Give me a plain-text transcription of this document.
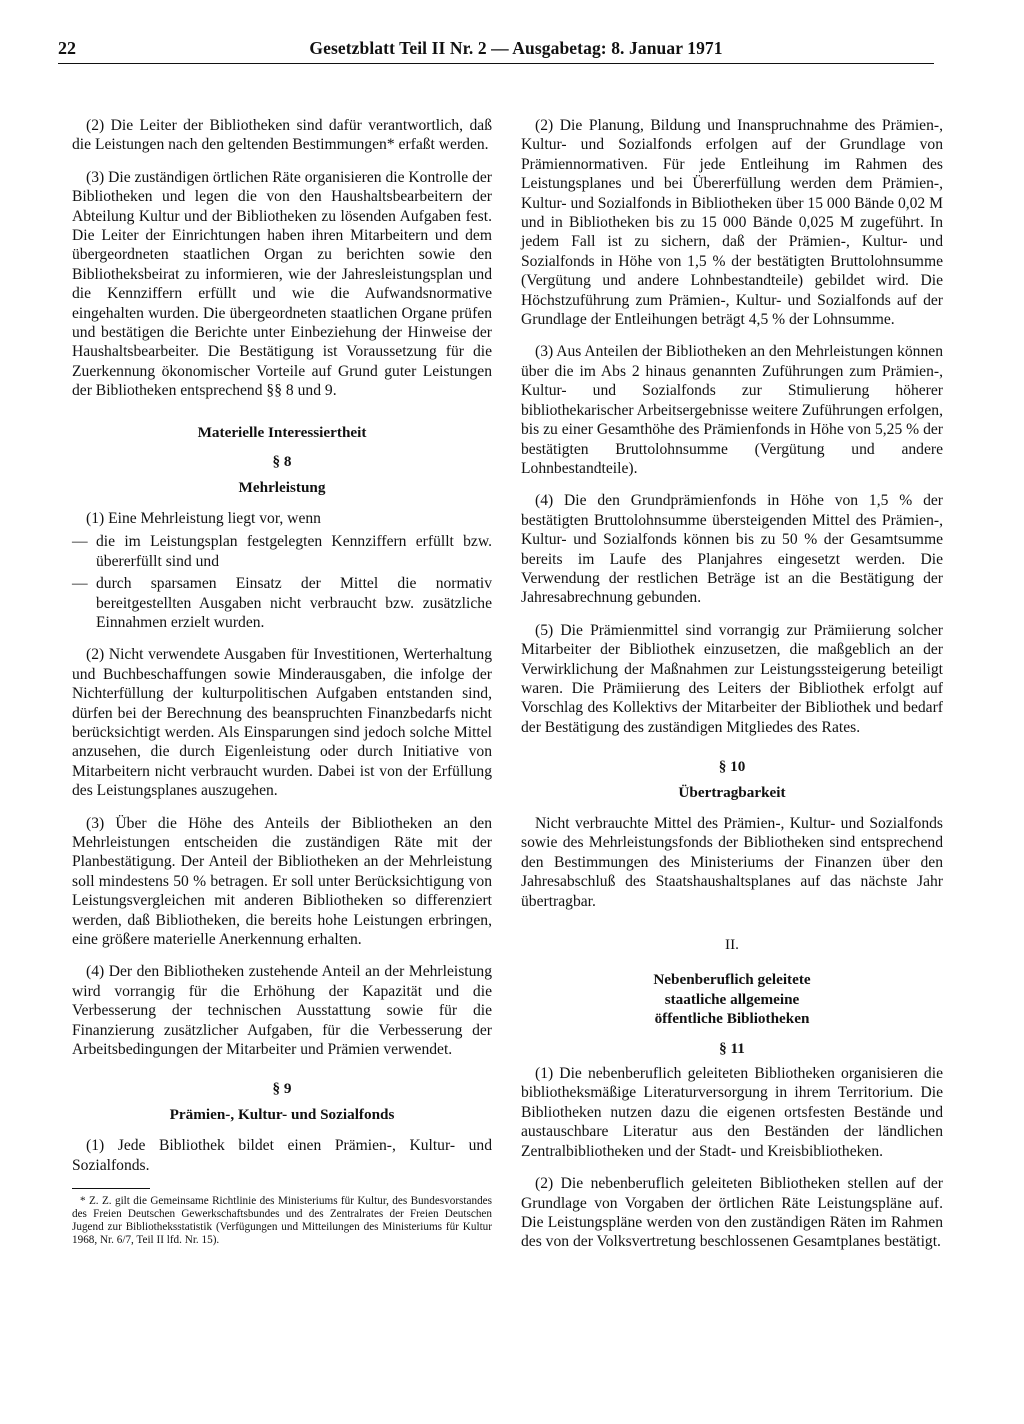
22	Gesetzblatt Teil II Nr. 2 — Ausgabetag: 8. Januar 1971

(2) Die Leiter der Bibliotheken sind dafür verantwortlich, daß die Leistungen nach den geltenden Bestimmungen* erfaßt werden.

(3) Die zuständigen örtlichen Räte organisieren die Kontrolle der Bibliotheken und legen die von den Haushaltsbearbeitern der Abteilung Kultur und der Bibliotheken zu lösenden Aufgaben fest. Die Leiter der Einrichtungen haben ihren Mitarbeitern und dem übergeordneten staatlichen Organ zu berichten sowie den Bibliotheksbeirat zu informieren, wie der Jahresleistungsplan und die Kennziffern erfüllt und wie die Aufwandsnormative eingehalten wurden. Die übergeordneten staatlichen Organe prüfen und bestätigen die Berichte unter Einbeziehung der Hinweise der Haushaltsbearbeiter. Die Bestätigung ist Voraussetzung für die Zuerkennung ökonomischer Vorteile auf Grund guter Leistungen der Bibliotheken entsprechend §§ 8 und 9.

Materielle Interessiertheit
§ 8
Mehrleistung

(1) Eine Mehrleistung liegt vor, wenn

— die im Leistungsplan festgelegten Kennziffern erfüllt bzw. übererfüllt sind und
— durch sparsamen Einsatz der Mittel die normativ bereitgestellten Ausgaben nicht verbraucht bzw. zusätzliche Einnahmen erzielt wurden.

(2) Nicht verwendete Ausgaben für Investitionen, Werterhaltung und Buchbeschaffungen sowie Minderausgaben, die infolge der Nichterfüllung der kulturpolitischen Aufgaben entstanden sind, dürfen bei der Berechnung des beanspruchten Finanzbedarfs nicht berücksichtigt werden. Als Einsparungen sind jedoch solche Mittel anzusehen, die durch Eigenleistung oder durch Initiative von Mitarbeitern nicht verbraucht wurden. Dabei ist von der Erfüllung des Leistungsplanes auszugehen.

(3) Über die Höhe des Anteils der Bibliotheken an den Mehrleistungen entscheiden die zuständigen Räte mit der Planbestätigung. Der Anteil der Bibliotheken an der Mehrleistung soll mindestens 50 % betragen. Er soll unter Berücksichtigung von Leistungsvergleichen mit anderen Bibliotheken so differenziert werden, daß Bibliotheken, die bereits hohe Leistungen erbringen, eine größere materielle Anerkennung erhalten.

(4) Der den Bibliotheken zustehende Anteil an der Mehrleistung wird vorrangig für die Erhöhung der Kapazität und die Verbesserung der technischen Ausstattung sowie für die Finanzierung zusätzlicher Aufgaben, für die Verbesserung der Arbeitsbedingungen der Mitarbeiter und Prämien verwendet.

§ 9
Prämien-, Kultur- und Sozialfonds

(1) Jede Bibliothek bildet einen Prämien-, Kultur- und Sozialfonds.

* Z. Z. gilt die Gemeinsame Richtlinie des Ministeriums für Kultur, des Bundesvorstandes des Freien Deutschen Gewerkschaftsbundes und des Zentralrates der Freien Deutschen Jugend zur Bibliotheksstatistik (Verfügungen und Mitteilungen des Ministeriums für Kultur 1968, Nr. 6/7, Teil II lfd. Nr. 15).

(2) Die Planung, Bildung und Inanspruchnahme des Prämien-, Kultur- und Sozialfonds erfolgen auf der Grundlage von Prämiennormativen. Für jede Entleihung im Rahmen des Leistungsplanes und bei Übererfüllung werden dem Prämien-, Kultur- und Sozialfonds in Bibliotheken über 15 000 Bände 0,02 M und in Bibliotheken bis zu 15 000 Bände 0,025 M zugeführt. In jedem Fall ist zu sichern, daß der Prämien-, Kultur- und Sozialfonds in Höhe von 1,5 % der bestätigten Bruttolohnsumme (Vergütung und andere Lohnbestandteile) gebildet wird. Die Höchstzuführung zum Prämien-, Kultur- und Sozialfonds auf der Grundlage der Entleihungen beträgt 4,5 % der Lohnsumme.

(3) Aus Anteilen der Bibliotheken an den Mehrleistungen können über die im Abs 2 hinaus genannten Zuführungen zum Prämien-, Kultur- und Sozialfonds zur Stimulierung höherer bibliothekarischer Arbeitsergebnisse weitere Zuführungen erfolgen, bis zu einer Gesamthöhe des Prämienfonds in Höhe von 5,25 % der bestätigten Bruttolohnsumme (Vergütung und andere Lohnbestandteile).

(4) Die den Grundprämienfonds in Höhe von 1,5 % der bestätigten Bruttolohnsumme übersteigenden Mittel des Prämien-, Kultur- und Sozialfonds können bis zu 50 % der Gesamtsumme bereits im Laufe des Planjahres eingesetzt werden. Die Verwendung der restlichen Beträge ist an die Bestätigung der Jahresabrechnung gebunden.

(5) Die Prämienmittel sind vorrangig zur Prämiierung solcher Mitarbeiter der Bibliothek einzusetzen, die maßgeblich an der Verwirklichung der Maßnahmen zur Leistungssteigerung beteiligt waren. Die Prämiierung des Leiters der Bibliothek erfolgt auf Vorschlag des Kollektivs der Mitarbeiter der Bibliothek und bedarf der Bestätigung des zuständigen Mitgliedes des Rates.

§ 10
Übertragbarkeit

Nicht verbrauchte Mittel des Prämien-, Kultur- und Sozialfonds sowie des Mehrleistungsfonds der Bibliotheken sind entsprechend den Bestimmungen des Ministeriums der Finanzen über den Jahresabschluß des Staatshaushaltsplanes auf das nächste Jahr übertragbar.

II.
Nebenberuflich geleitete
staatliche allgemeine
öffentliche Bibliotheken
§ 11

(1) Die nebenberuflich geleiteten Bibliotheken organisieren die bibliotheksmäßige Literaturversorgung in ihrem Territorium. Die Bibliotheken nutzen dazu die eigenen ortsfesten Bestände und austauschbare Literatur aus den Beständen der ländlichen Zentralbibliotheken und der Stadt- und Kreisbibliotheken.

(2) Die nebenberuflich geleiteten Bibliotheken stellen auf der Grundlage von Vorgaben der örtlichen Räte Leistungspläne auf. Die Leistungspläne werden von den zuständigen Räten im Rahmen des von der Volksvertretung beschlossenen Gesamtplanes bestätigt.
